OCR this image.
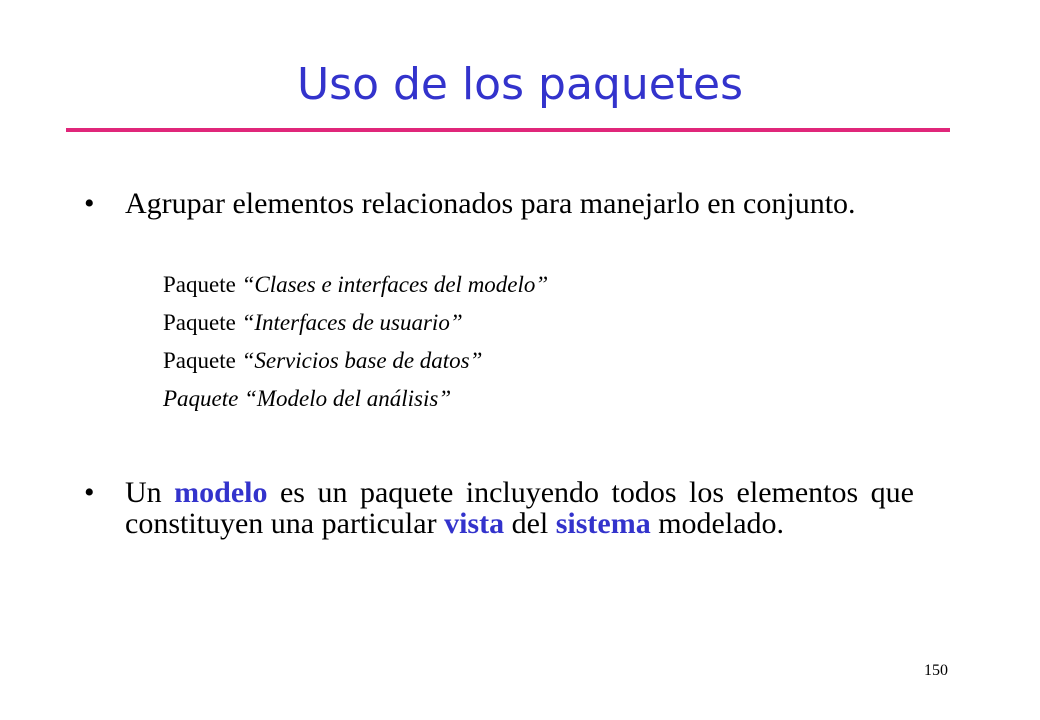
Uso de los paquetes
• Agrupar elementos relacionados para manejarlo en conjunto.
Paquete “Clases e interfaces del modelo”
Paquete “Interfaces de usuario”
Paquete “Servicios base de datos”
Paquete “Modelo del análisis”
• Un modelo es un paquete incluyendo todos los elementos que constituyen una particular vista del sistema modelado.
150
